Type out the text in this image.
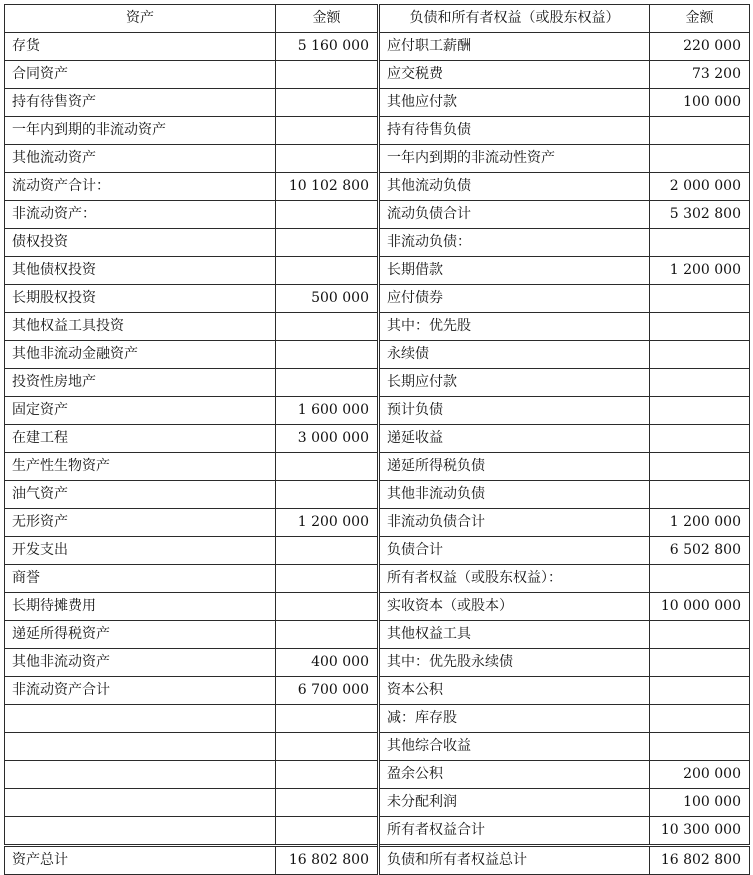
资产	金额	负债和所有者权益（或股东权益）	金额
存货	5 160 000	应付职工薪酬	220 000
合同资产		应交税费	73 200
持有待售资产		其他应付款	100 000
一年内到期的非流动资产		持有待售负债	
其他流动资产		一年内到期的非流动性资产	
流动资产合计：	10 102 800	其他流动负债	2 000 000
非流动资产：		流动负债合计	5 302 800
债权投资		非流动负债：	
其他债权投资		长期借款	1 200 000
长期股权投资	500 000	应付债券	
其他权益工具投资		其中：优先股	
其他非流动金融资产		永续债	
投资性房地产		长期应付款	
固定资产	1 600 000	预计负债	
在建工程	3 000 000	递延收益	
生产性生物资产		递延所得税负债	
油气资产		其他非流动负债	
无形资产	1 200 000	非流动负债合计	1 200 000
开发支出		负债合计	6 502 800
商誉		所有者权益（或股东权益）：	
长期待摊费用		实收资本（或股本）	10 000 000
递延所得税资产		其他权益工具	
其他非流动资产	400 000	其中：优先股永续债	
非流动资产合计	6 700 000	资本公积	
		减：库存股	
		其他综合收益	
		盈余公积	200 000
		未分配利润	100 000
		所有者权益合计	10 300 000
资产总计	16 802 800	负债和所有者权益总计	16 802 800
